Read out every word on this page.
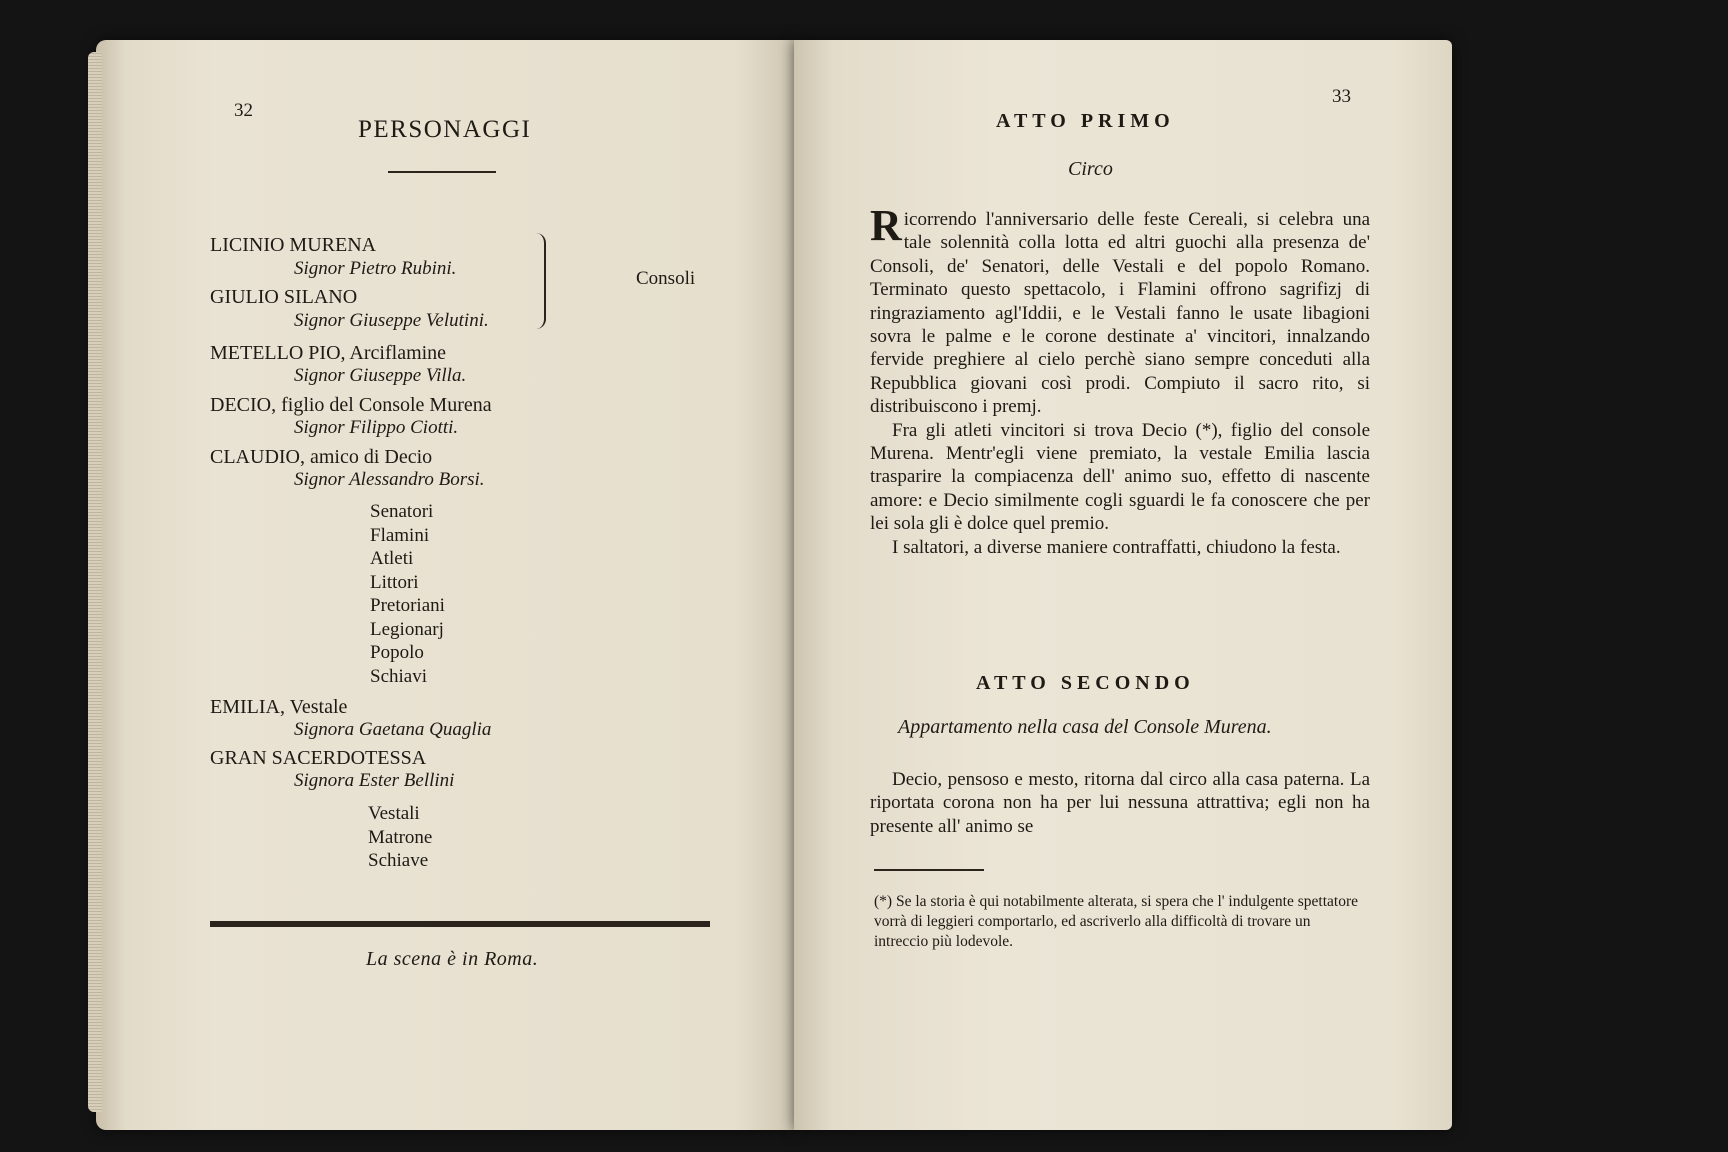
32
PERSONAGGI
LICINIO MURENA
Signor Pietro Rubini.
GIULIO SILANO
Signor Giuseppe Velutini.
Consoli
METELLO PIO, Arciflamine
Signor Giuseppe Villa.
DECIO, figlio del Console Murena
Signor Filippo Ciotti.
CLAUDIO, amico di Decio
Signor Alessandro Borsi.
Senatori
Flamini
Atleti
Littori
Pretoriani
Legionarj
Popolo
Schiavi
EMILIA, Vestale
Signora Gaetana Quaglia
GRAN SACERDOTESSA
Signora Ester Bellini
Vestali
Matrone
Schiave
La scena è in Roma.
33
ATTO PRIMO
Circo

Ricorrendo l'anniversario delle feste Cereali, si celebra una tale solennità colla lotta ed altri guochi alla presenza de' Consoli, de' Senatori, delle Vestali e del popolo Romano. Terminato questo spettacolo, i Flamini offrono sagrifizj di ringraziamento agl'Iddii, e le Vestali fanno le usate libagioni sovra le palme e le corone destinate a' vincitori, innalzando fervide preghiere al cielo perchè siano sempre conceduti alla Repubblica giovani così prodi. Compiuto il sacro rito, si distribuiscono i premj.

Fra gli atleti vincitori si trova Decio (*), figlio del console Murena. Mentr'egli viene premiato, la vestale Emilia lascia trasparire la compiacenza dell' animo suo, effetto di nascente amore: e Decio similmente cogli sguardi le fa conoscere che per lei sola gli è dolce quel premio.

I saltatori, a diverse maniere contraffatti, chiudono la festa.

ATTO SECONDO
Appartamento nella casa del Console Murena.

Decio, pensoso e mesto, ritorna dal circo alla casa paterna. La riportata corona non ha per lui nessuna attrattiva; egli non ha presente all' animo se

(*) Se la storia è qui notabilmente alterata, si spera che l' indulgente spettatore vorrà di leggieri comportarlo, ed ascriverlo alla difficoltà di trovare un intreccio più lodevole.
